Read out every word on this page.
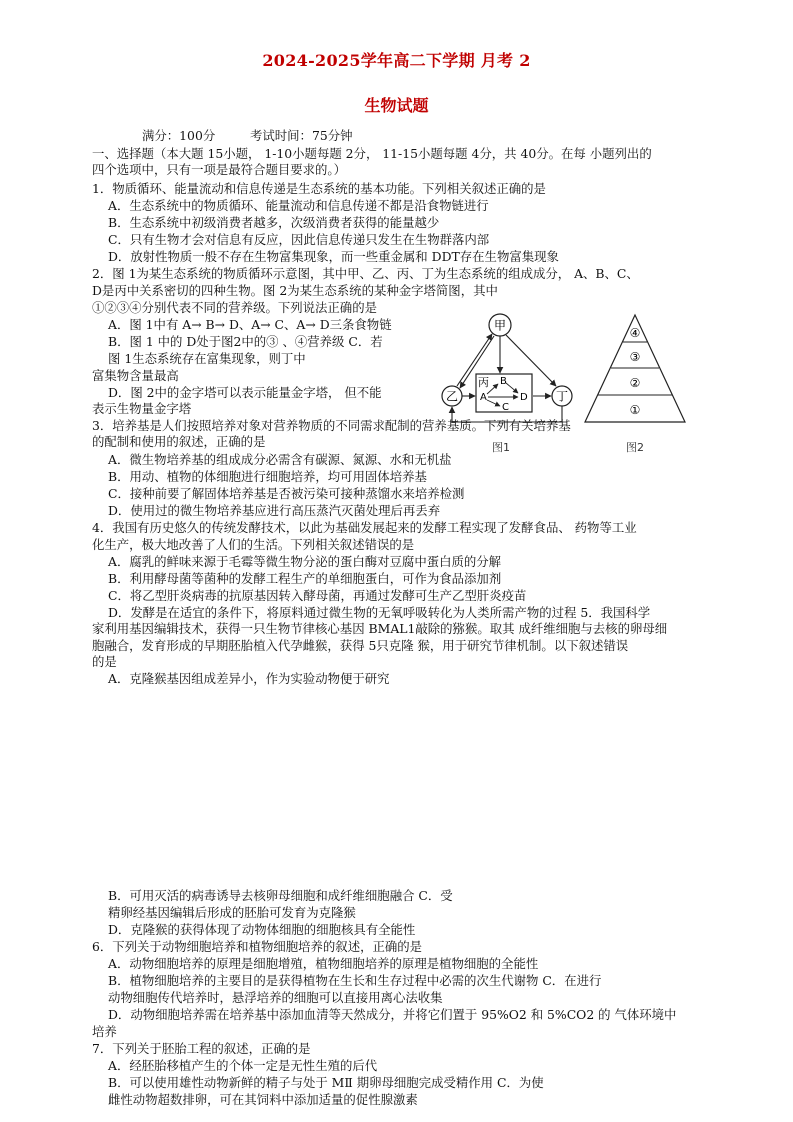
2024-2025学年高二下学期 月考 2
生物试题
满分：100分	考试时间：75分钟
一、选择题（本大题 15小题， 1-10小题每题 2分， 11-15小题每题 4分，共 40分。在每 小题列出的
四个选项中，只有一项是最符合题目要求的。）
1．物质循环、能量流动和信息传递是生态系统的基本功能。下列相关叙述正确的是
A．生态系统中的物质循环、能量流动和信息传递不都是沿食物链进行
B．生态系统中初级消费者越多，次级消费者获得的能量越少
C．只有生物才会对信息有反应，因此信息传递只发生在生物群落内部
D．放射性物质一般不存在生物富集现象，而一些重金属和 DDT存在生物富集现象
2．图 1为某生态系统的物质循环示意图，其中甲、乙、丙、丁为生态系统的组成成分， A、B、C、
D是丙中关系密切的四种生物。图 2为某生态系统的某种金字塔简图，其中
①②③④分别代表不同的营养级。下列说法正确的是
A．图 1中有 A→ B→ D、A→ C、A→ D三条食物链
B．图 1 中的 D处于图2中的③ 、④营养级 C．若
图 1生态系统存在富集现象，则丁中
富集物含量最高
D．图 2中的金字塔可以表示能量金字塔， 但不能
表示生物量金字塔
3．培养基是人们按照培养对象对营养物质的不同需求配制的营养基质。下列有关培养基
的配制和使用的叙述，正确的是
A．微生物培养基的组成成分必需含有碳源、氮源、水和无机盐
B．用动、植物的体细胞进行细胞培养，均可用固体培养基
C．接种前要了解固体培养基是否被污染可接种蒸馏水来培养检测
D．使用过的微生物培养基应进行高压蒸汽灭菌处理后再丢弃
4．我国有历史悠久的传统发酵技术，以此为基础发展起来的发酵工程实现了发酵食品、 药物等工业
化生产，极大地改善了人们的生活。下列相关叙述错误的是
A．腐乳的鲜味来源于毛霉等微生物分泌的蛋白酶对豆腐中蛋白质的分解
B．利用酵母菌等菌种的发酵工程生产的单细胞蛋白，可作为食品添加剂
C．将乙型肝炎病毒的抗原基因转入酵母菌，再通过发酵可生产乙型肝炎疫苗
D．发酵是在适宜的条件下，将原料通过微生物的无氧呼吸转化为人类所需产物的过程 5．我国科学
家利用基因编辑技术，获得一只生物节律核心基因 BMAL1敲除的猕猴。取其 成纤维细胞与去核的卵母细
胞融合，发育形成的早期胚胎植入代孕雌猴，获得 5只克隆 猴，用于研究节律机制。以下叙述错误
的是
A．克隆猴基因组成差异小，作为实验动物便于研究
B．可用灭活的病毒诱导去核卵母细胞和成纤维细胞融合 C．受
精卵经基因编辑后形成的胚胎可发育为克隆猴
D．克隆猴的获得体现了动物体细胞的细胞核具有全能性
6．下列关于动物细胞培养和植物细胞培养的叙述，正确的是
A．动物细胞培养的原理是细胞增殖，植物细胞培养的原理是植物细胞的全能性
B．植物细胞培养的主要目的是获得植物在生长和生存过程中必需的次生代谢物 C．在进行
动物细胞传代培养时，悬浮培养的细胞可以直接用离心法收集
D．动物细胞培养需在培养基中添加血清等天然成分，并将它们置于 95%O2 和 5%CO2 的 气体环境中
培养
7．下列关于胚胎工程的叙述，正确的是
A．经胚胎移植产生的个体一定是无性生殖的后代
B．可以使用雄性动物新鲜的精子与处于 MⅡ 期卵母细胞完成受精作用 C．为使
雌性动物超数排卵，可在其饲料中添加适量的促性腺激素
甲
乙	丁
丙
A
B
D
C
④
③
②
①
图1	图2
